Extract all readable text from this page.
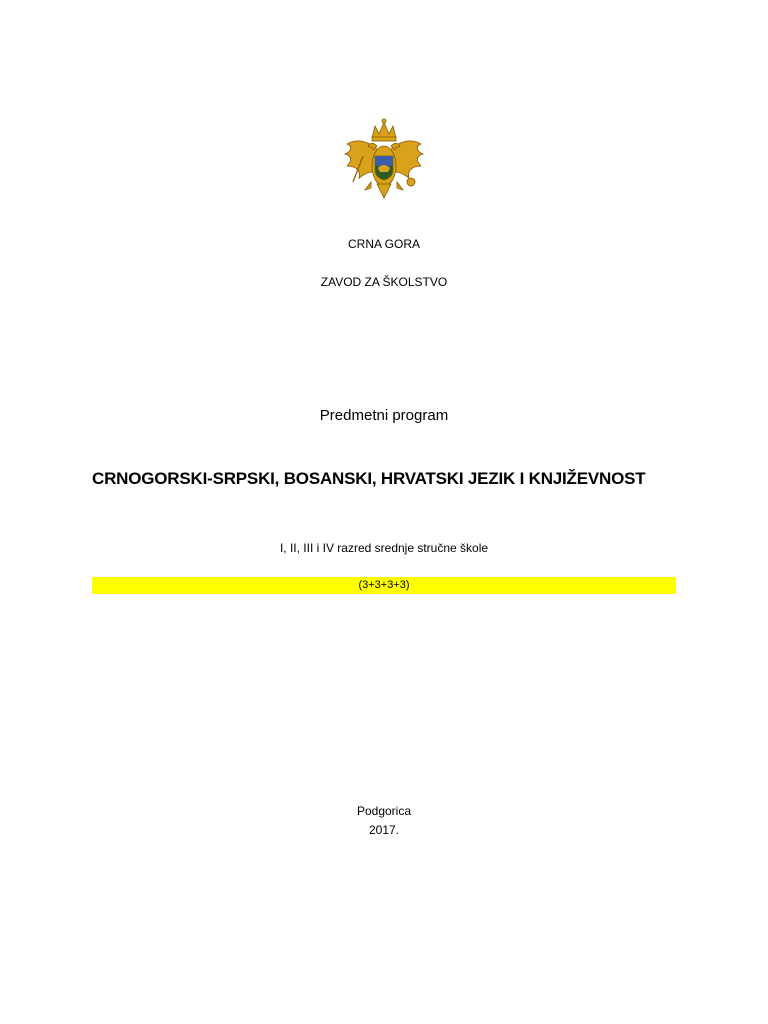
CRNA GORA
ZAVOD ZA ŠKOLSTVO
Predmetni program
CRNOGORSKI-SRPSKI, BOSANSKI, HRVATSKI JEZIK I KNJIŽEVNOST
I, II, III i IV razred srednje stručne škole
(3+3+3+3)
Podgorica
2017.
